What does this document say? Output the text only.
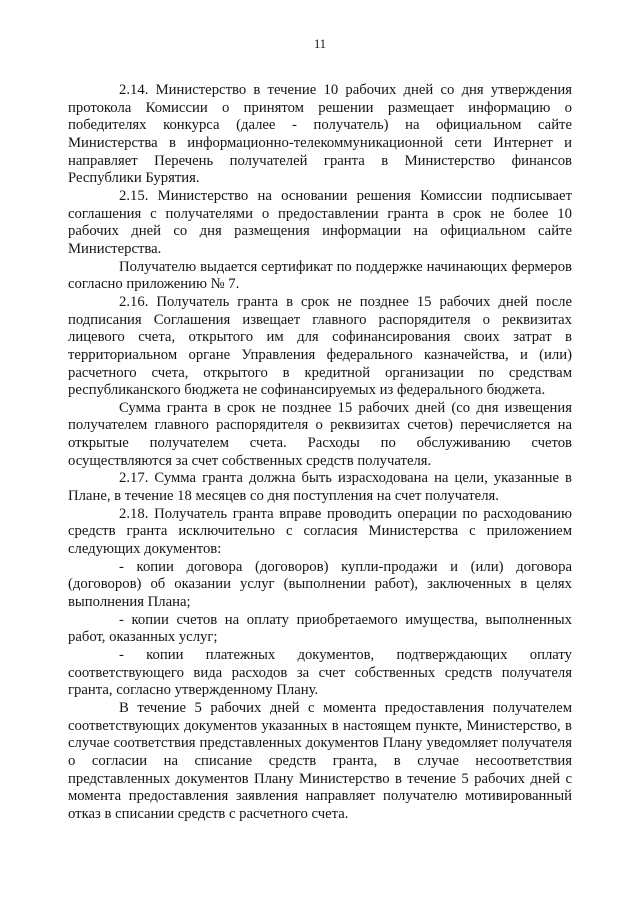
11

2.14. Министерство в течение 10 рабочих дней со дня утверждения протокола Комиссии о принятом решении размещает информацию о победителях конкурса (далее - получатель) на официальном сайте Министерства в информационно-телекоммуникационной сети Интернет и направляет Перечень получателей гранта в Министерство финансов Республики Бурятия.

2.15. Министерство на основании решения Комиссии подписывает соглашения с получателями о предоставлении гранта в срок не более 10 рабочих дней со дня размещения информации на официальном сайте Министерства.

Получателю выдается сертификат по поддержке начинающих фермеров согласно приложению № 7.

2.16. Получатель гранта в срок не позднее 15 рабочих дней после подписания Соглашения извещает главного распорядителя о реквизитах лицевого счета, открытого им для софинансирования своих затрат в территориальном органе Управления федерального казначейства, и (или) расчетного счета, открытого в кредитной организации по средствам республиканского бюджета не софинансируемых из федерального бюджета.

Сумма гранта в срок не позднее 15 рабочих дней (со дня извещения получателем главного распорядителя о реквизитах счетов) перечисляется на открытые получателем счета. Расходы по обслуживанию счетов осуществляются за счет собственных средств получателя.

2.17. Сумма гранта должна быть израсходована на цели, указанные в Плане, в течение 18 месяцев со дня поступления на счет получателя.

2.18. Получатель гранта вправе проводить операции по расходованию средств гранта исключительно с согласия Министерства с приложением следующих документов:

- копии договора (договоров) купли-продажи и (или) договора (договоров) об оказании услуг (выполнении работ), заключенных в целях выполнения Плана;

- копии счетов на оплату приобретаемого имущества, выполненных работ, оказанных услуг;

- копии платежных документов, подтверждающих оплату соответствующего вида расходов за счет собственных средств получателя гранта, согласно утвержденному Плану.

В течение 5 рабочих дней с момента предоставления получателем соответствующих документов указанных в настоящем пункте, Министерство, в случае соответствия представленных документов Плану уведомляет получателя о согласии на списание средств гранта, в случае несоответствия представленных документов Плану Министерство в течение 5 рабочих дней с момента предоставления заявления направляет получателю мотивированный отказ в списании средств с расчетного счета.
